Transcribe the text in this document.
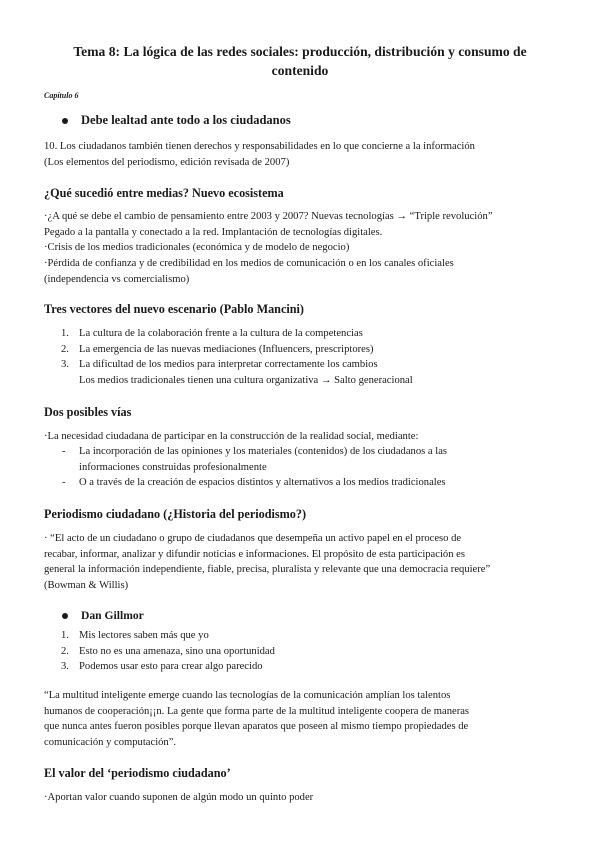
Tema 8: La lógica de las redes sociales: producción, distribución y consumo de contenido
Capítulo 6
Debe lealtad ante todo a los ciudadanos
10. Los ciudadanos también tienen derechos y responsabilidades en lo que concierne a la información
(Los elementos del periodismo, edición revisada de 2007)
¿Qué sucedió entre medias? Nuevo ecosistema
·¿A qué se debe el cambio de pensamiento entre 2003 y 2007? Nuevas tecnologías → “Triple revolución”
Pegado a la pantalla y conectado a la red. Implantación de tecnologías digitales.
·Crisis de los medios tradicionales (económica y de modelo de negocio)
·Pérdida de confianza y de credibilidad en los medios de comunicación o en los canales oficiales
(independencia vs comercialismo)
Tres vectores del nuevo escenario (Pablo Mancini)
1. La cultura de la colaboración frente a la cultura de la competencias
2. La emergencia de las nuevas mediaciones (Influencers, prescriptores)
3. La dificultad de los medios para interpretar correctamente los cambios
Los medios tradicionales tienen una cultura organizativa → Salto generacional
Dos posibles vías
·La necesidad ciudadana de participar en la construcción de la realidad social, mediante:
-	La incorporación de las opiniones y los materiales (contenidos) de los ciudadanos a las
informaciones construidas profesionalmente
-	O a través de la creación de espacios distintos y alternativos a los medios tradicionales
Periodismo ciudadano (¿Historia del periodismo?)
· “El acto de un ciudadano o grupo de ciudadanos que desempeña un activo papel en el proceso de
recabar, informar, analizar y difundir noticias e informaciones. El propósito de esta participación es
general la información independiente, fiable, precisa, pluralista y relevante que una democracia requiere”
(Bowman & Willis)
Dan Gillmor
1. Mis lectores saben más que yo
2. Esto no es una amenaza, sino una oportunidad
3. Podemos usar esto para crear algo parecido
“La multitud inteligente emerge cuando las tecnologías de la comunicación amplían los talentos
humanos de cooperación¡¡n. La gente que forma parte de la multitud inteligente coopera de maneras
que nunca antes fueron posibles porque llevan aparatos que poseen al mismo tiempo propiedades de
comunicación y computación”.
El valor del ‘periodismo ciudadano’
·Aportan valor cuando suponen de algún modo un quinto poder
